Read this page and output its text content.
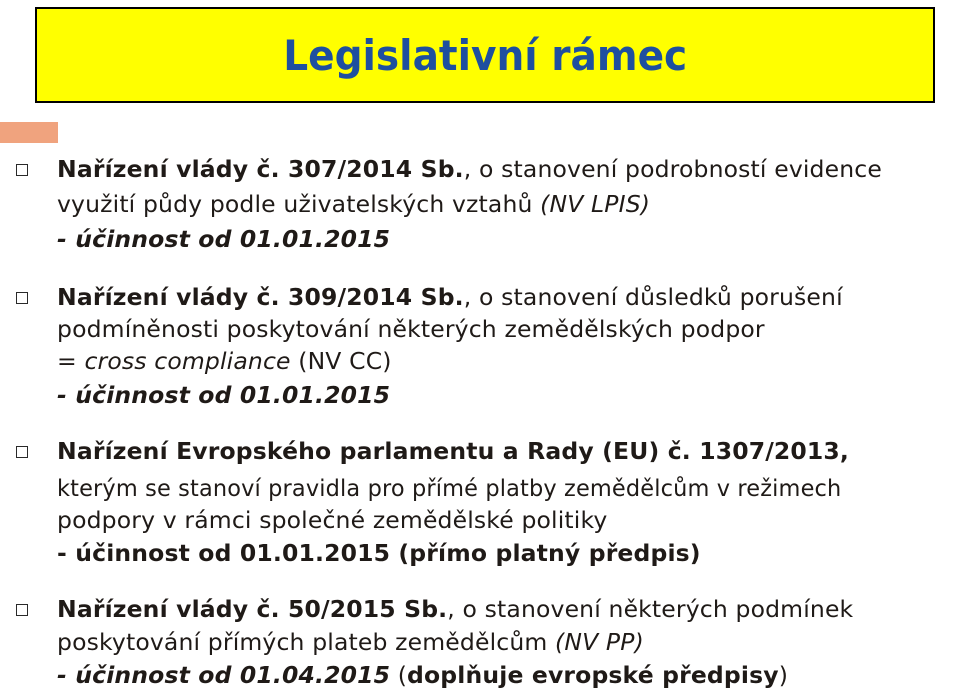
Legislativní rámec
Nařízení vlády č. 307/2014 Sb., o stanovení podrobností evidence
využití půdy podle uživatelských vztahů (NV LPIS)
- účinnost od 01.01.2015
Nařízení vlády č. 309/2014 Sb., o stanovení důsledků porušení
podmíněnosti poskytování některých zemědělských podpor
= cross compliance (NV CC)
- účinnost od 01.01.2015
Nařízení Evropského parlamentu a Rady (EU) č. 1307/2013,
kterým se stanoví pravidla pro přímé platby zemědělcům v režimech
podpory v rámci společné zemědělské politiky
- účinnost od 01.01.2015 (přímo platný předpis)
Nařízení vlády č. 50/2015 Sb., o stanovení některých podmínek
poskytování přímých plateb zemědělcům (NV PP)
- účinnost od 01.04.2015 (doplňuje evropské předpisy)
